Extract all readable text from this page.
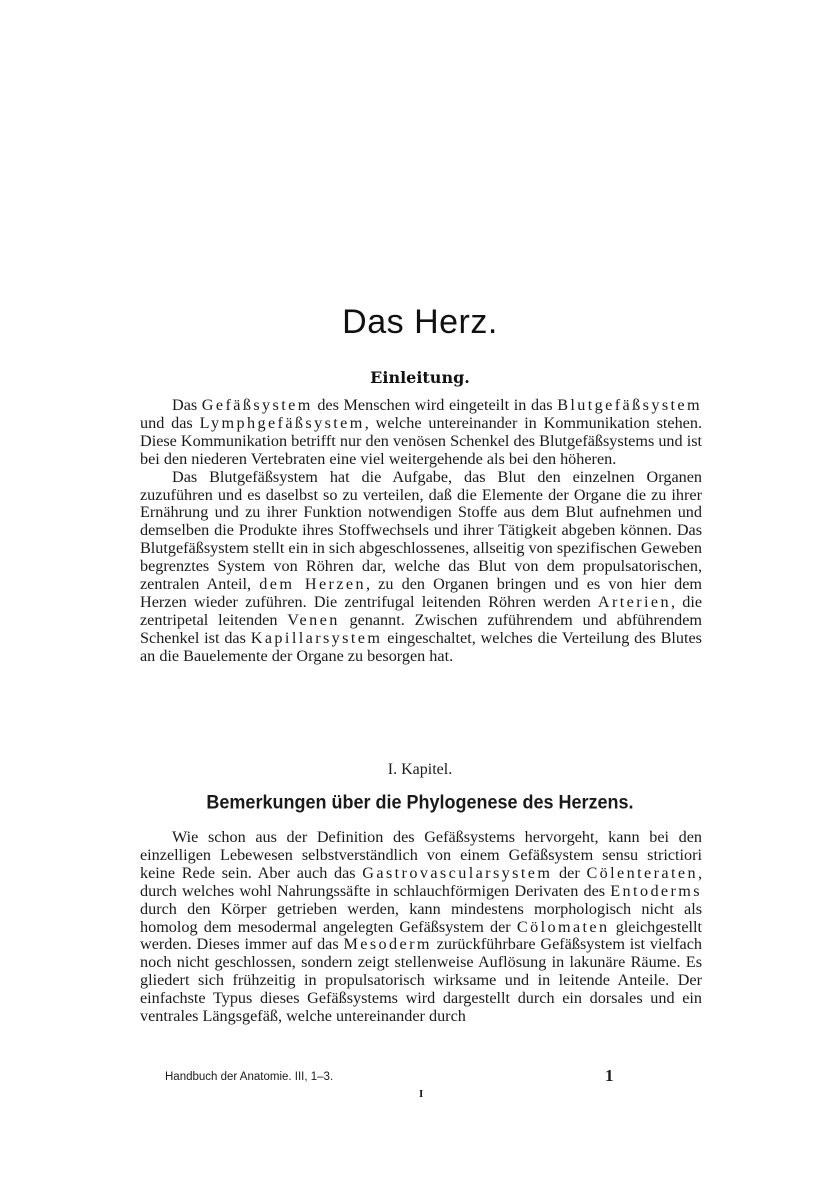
Das Herz.
Einleitung.

Das Gefäßsystem des Menschen wird eingeteilt in das Blutgefäßsystem und das Lymphgefäßsystem, welche untereinander in Kommunikation stehen. Diese Kommunikation betrifft nur den venösen Schenkel des Blutgefäßsystems und ist bei den niederen Vertebraten eine viel weitergehende als bei den höheren.

Das Blutgefäßsystem hat die Aufgabe, das Blut den einzelnen Organen zuzuführen und es daselbst so zu verteilen, daß die Elemente der Organe die zu ihrer Ernährung und zu ihrer Funktion notwendigen Stoffe aus dem Blut aufnehmen und demselben die Produkte ihres Stoffwechsels und ihrer Tätigkeit abgeben können. Das Blutgefäßsystem stellt ein in sich abgeschlossenes, allseitig von spezifischen Geweben begrenztes System von Röhren dar, welche das Blut von dem propulsatorischen, zentralen Anteil, dem Herzen, zu den Organen bringen und es von hier dem Herzen wieder zuführen. Die zentrifugal leitenden Röhren werden Arterien, die zentripetal leitenden Venen genannt. Zwischen zuführendem und abführendem Schenkel ist das Kapillarsystem eingeschaltet, welches die Verteilung des Blutes an die Bauelemente der Organe zu besorgen hat.

I. Kapitel.
Bemerkungen über die Phylogenese des Herzens.

Wie schon aus der Definition des Gefäßsystems hervorgeht, kann bei den einzelligen Lebewesen selbstverständlich von einem Gefäßsystem sensu strictiori keine Rede sein. Aber auch das Gastrovascularsystem der Cölenteraten, durch welches wohl Nahrungssäfte in schlauchförmigen Derivaten des Entoderms durch den Körper getrieben werden, kann mindestens morphologisch nicht als homolog dem mesodermal angelegten Gefäßsystem der Cölomaten gleichgestellt werden. Dieses immer auf das Mesoderm zurückführbare Gefäßsystem ist vielfach noch nicht geschlossen, sondern zeigt stellenweise Auflösung in lakunäre Räume. Es gliedert sich frühzeitig in propulsatorisch wirksame und in leitende Anteile. Der einfachste Typus dieses Gefäßsystems wird dargestellt durch ein dorsales und ein ventrales Längsgefäß, welche untereinander durch

Handbuch der Anatomie. III, 1–3.	1
I
